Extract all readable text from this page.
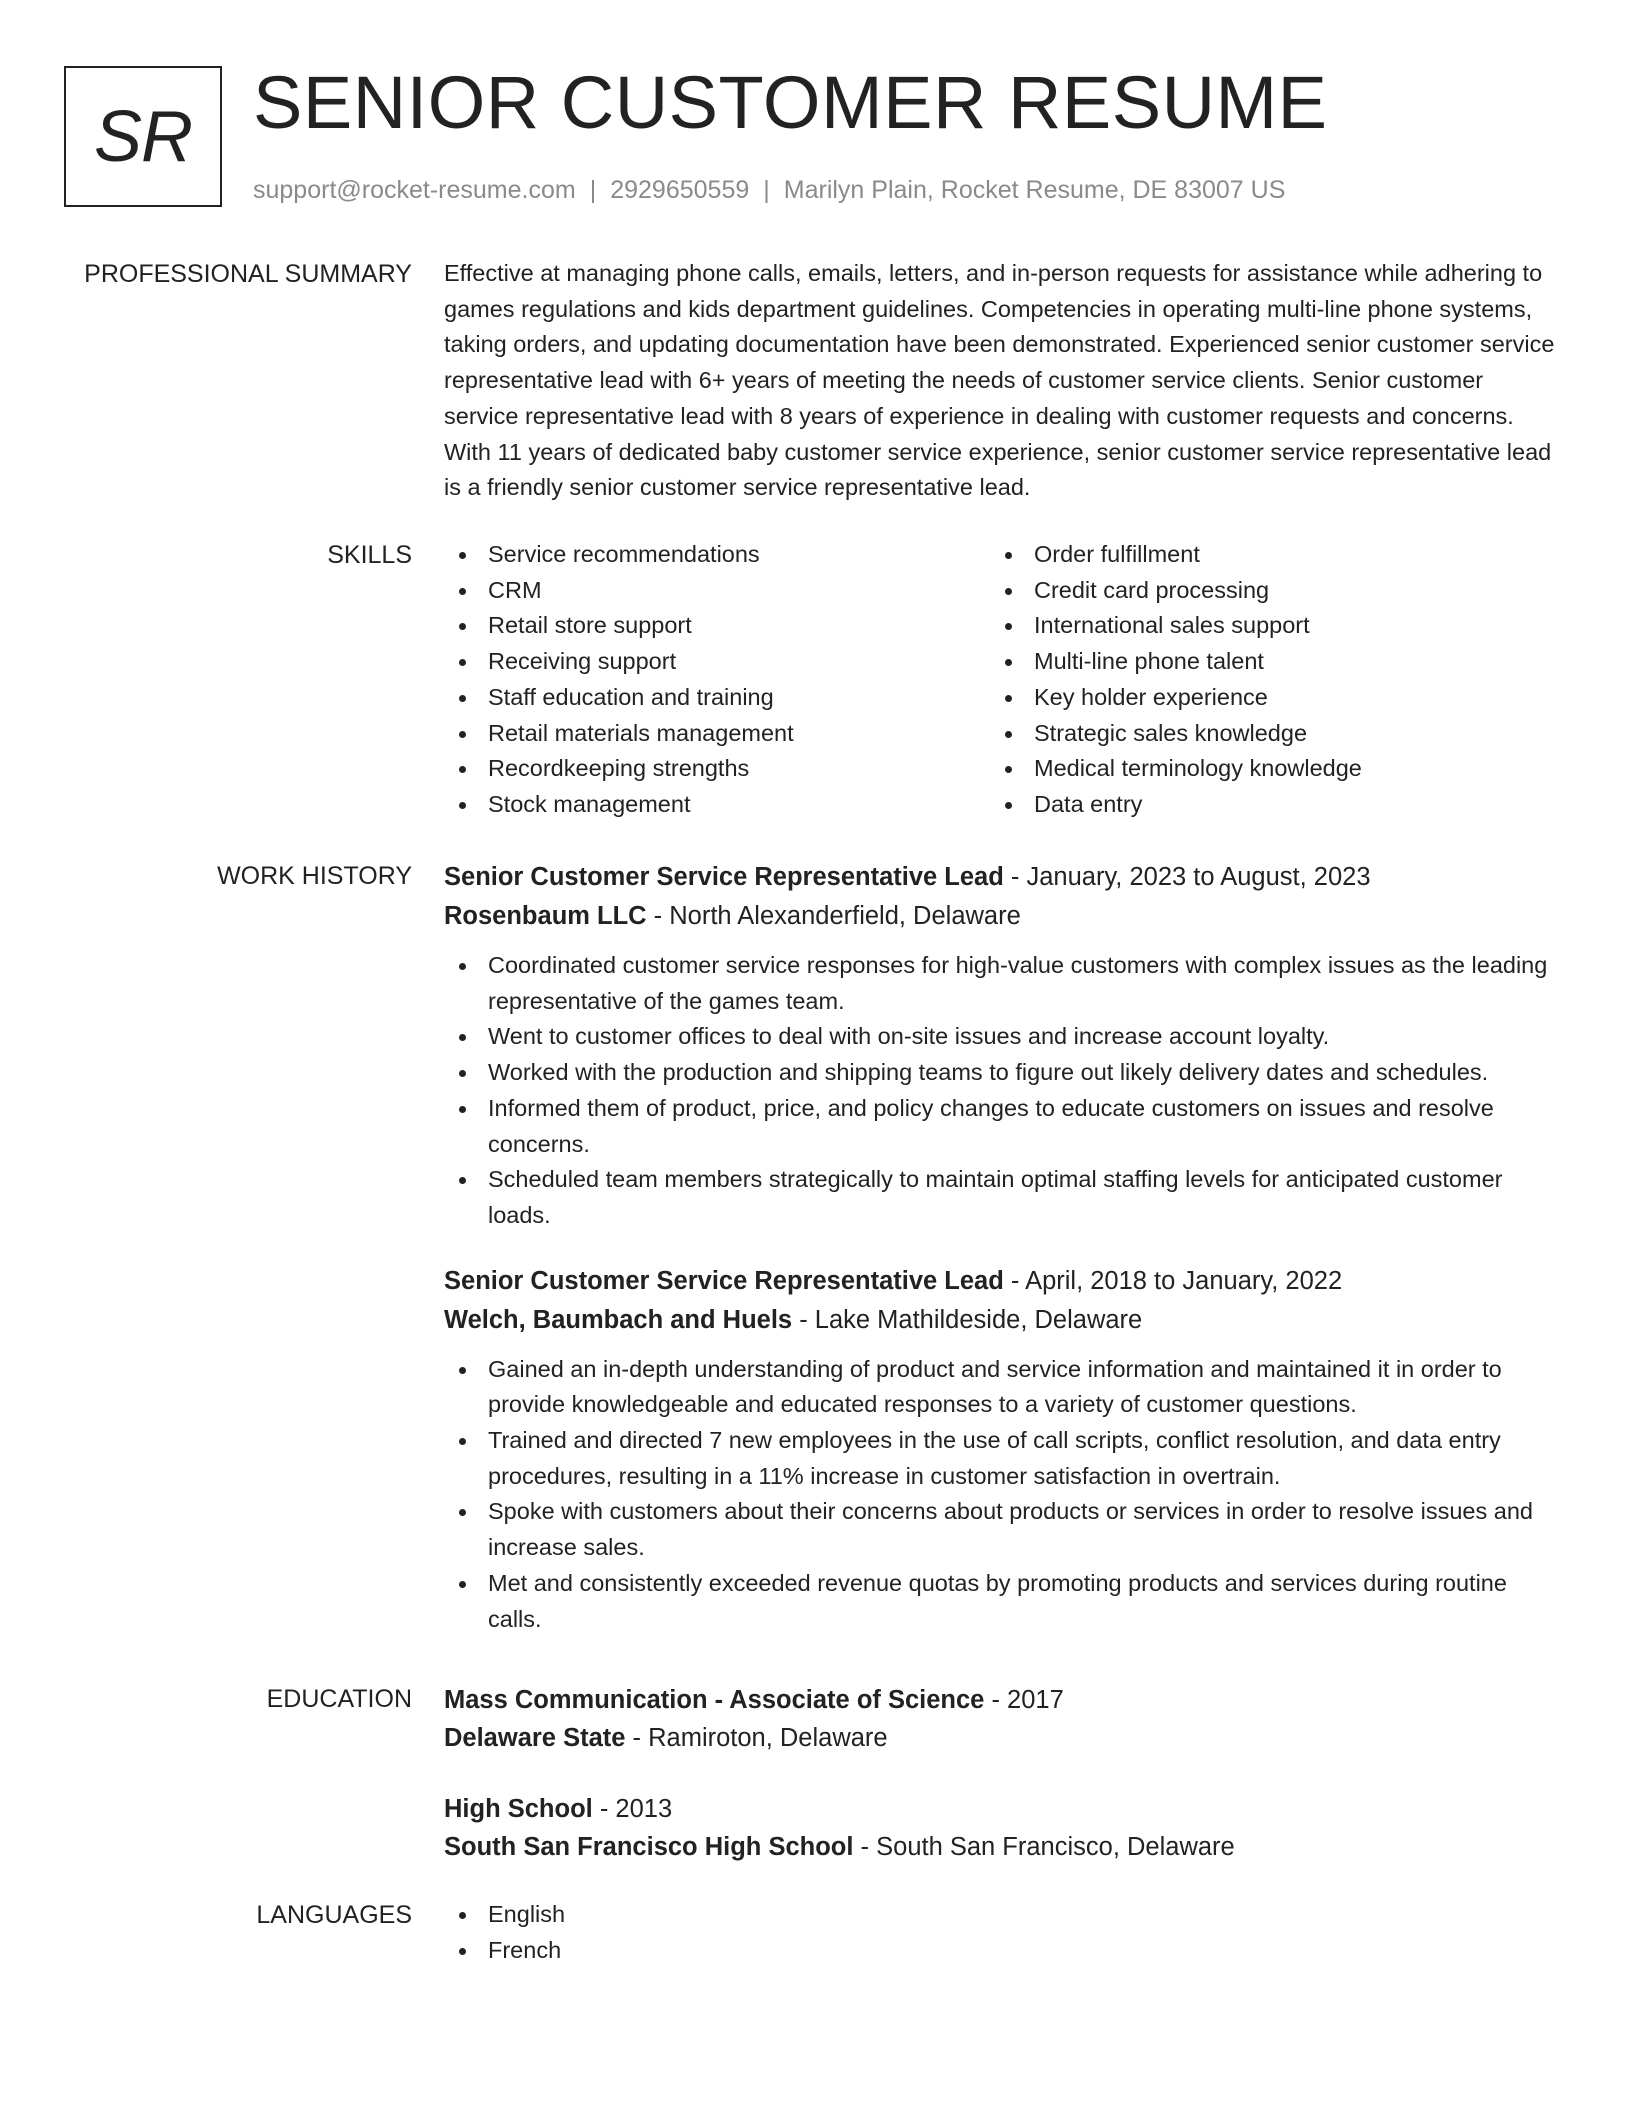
SR SENIOR CUSTOMER RESUME
support@rocket-resume.com | 2929650559 | Marilyn Plain, Rocket Resume, DE 83007 US
PROFESSIONAL SUMMARY Effective at managing phone calls, emails, letters, and in-person requests for assistance while adhering to games regulations and kids department guidelines. Competencies in operating multi-line phone systems, taking orders, and updating documentation have been demonstrated. Experienced senior customer service representative lead with 6+ years of meeting the needs of customer service clients. Senior customer service representative lead with 8 years of experience in dealing with customer requests and concerns. With 11 years of dedicated baby customer service experience, senior customer service representative lead is a friendly senior customer service representative lead.

SKILLS	Service recommendations
CRM
Retail store support
Receiving support
Staff education and training
Retail materials management
Recordkeeping strengths
Stock management
Order fulfillment
Credit card processing
International sales support
Multi-line phone talent
Key holder experience
Strategic sales knowledge
Medical terminology knowledge
Data entry
WORK HISTORY Senior Customer Service Representative Lead - January, 2023 to August, 2023
Rosenbaum LLC - North Alexanderfield, Delaware
Coordinated customer service responses for high-value customers with complex issues as the leading representative of the games team.
Went to customer offices to deal with on-site issues and increase account loyalty.
Worked with the production and shipping teams to figure out likely delivery dates and schedules.
Informed them of product, price, and policy changes to educate customers on issues and resolve concerns.
Scheduled team members strategically to maintain optimal staffing levels for anticipated customer loads.
Senior Customer Service Representative Lead - April, 2018 to January, 2022
Welch, Baumbach and Huels - Lake Mathildeside, Delaware
Gained an in-depth understanding of product and service information and maintained it in order to provide knowledgeable and educated responses to a variety of customer questions.
Trained and directed 7 new employees in the use of call scripts, conflict resolution, and data entry procedures, resulting in a 11% increase in customer satisfaction in overtrain.
Spoke with customers about their concerns about products or services in order to resolve issues and increase sales.
Met and consistently exceeded revenue quotas by promoting products and services during routine calls.
EDUCATION Mass Communication - Associate of Science - 2017
Delaware State - Ramiroton, Delaware
High School - 2013
South San Francisco High School - South San Francisco, Delaware
LANGUAGES	English
French
